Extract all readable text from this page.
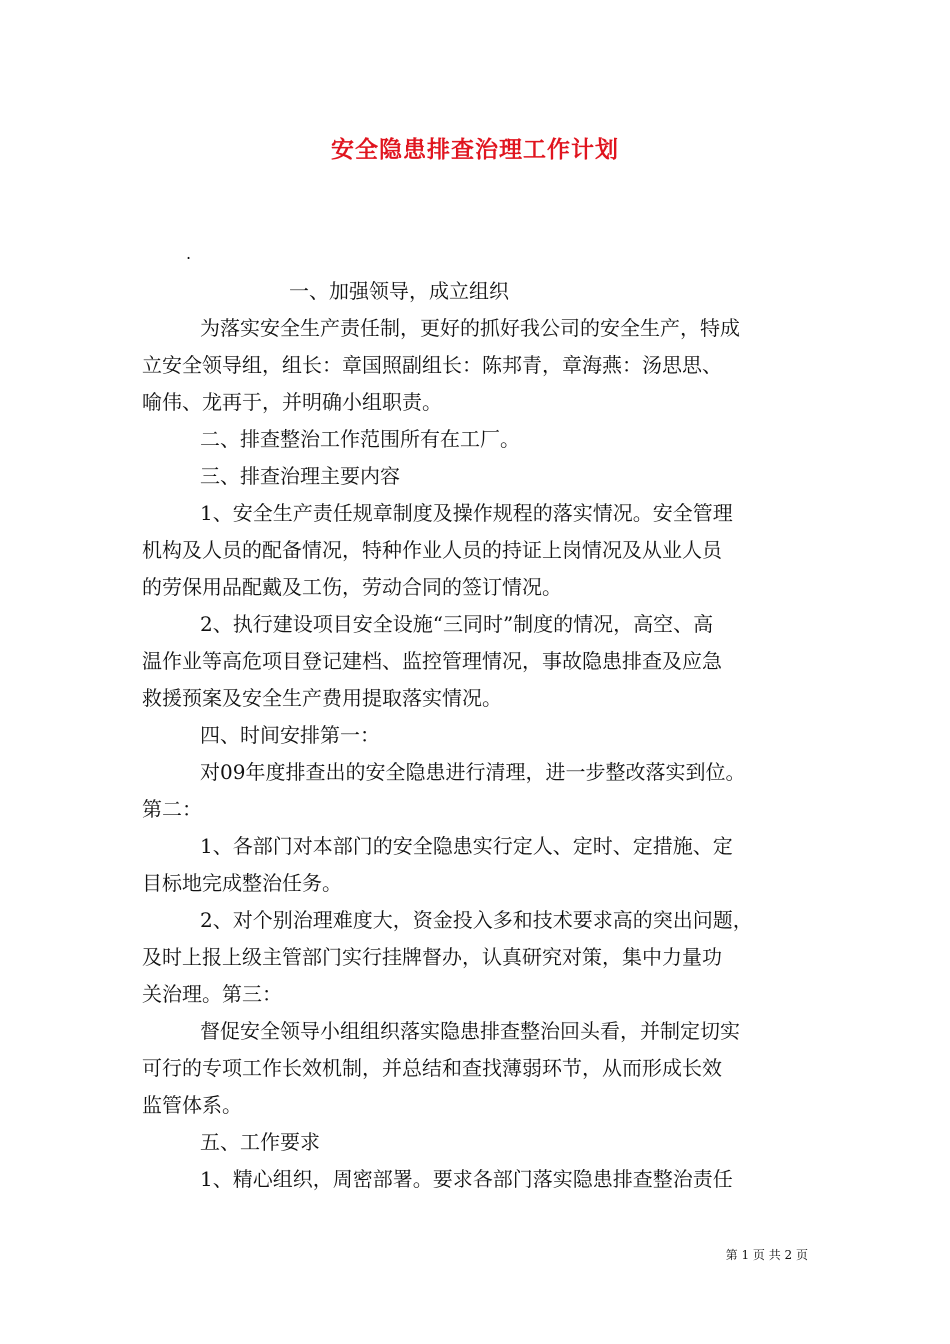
安全隐患排查治理工作计划
.
一、加强领导，成立组织
为落实安全生产责任制，更好的抓好我公司的安全生产，特成
立安全领导组，组长：章国照副组长：陈邦青，章海燕：汤思思、
喻伟、龙再于，并明确小组职责。
二、排查整治工作范围所有在工厂。
三、排查治理主要内容
1、安全生产责任规章制度及操作规程的落实情况。安全管理
机构及人员的配备情况，特种作业人员的持证上岗情况及从业人员
的劳保用品配戴及工伤，劳动合同的签订情况。
2、执行建设项目安全设施“三同时”制度的情况，高空、高
温作业等高危项目登记建档、监控管理情况，事故隐患排查及应急
救援预案及安全生产费用提取落实情况。
四、时间安排第一：
对09年度排查出的安全隐患进行清理，进一步整改落实到位。
第二：
1、各部门对本部门的安全隐患实行定人、定时、定措施、定
目标地完成整治任务。
2、对个别治理难度大，资金投入多和技术要求高的突出问题，
及时上报上级主管部门实行挂牌督办，认真研究对策，集中力量功
关治理。第三：
督促安全领导小组组织落实隐患排查整治回头看，并制定切实
可行的专项工作长效机制，并总结和查找薄弱环节，从而形成长效
监管体系。
五、工作要求
1、精心组织，周密部署。要求各部门落实隐患排查整治责任
第 1 页 共 2 页
